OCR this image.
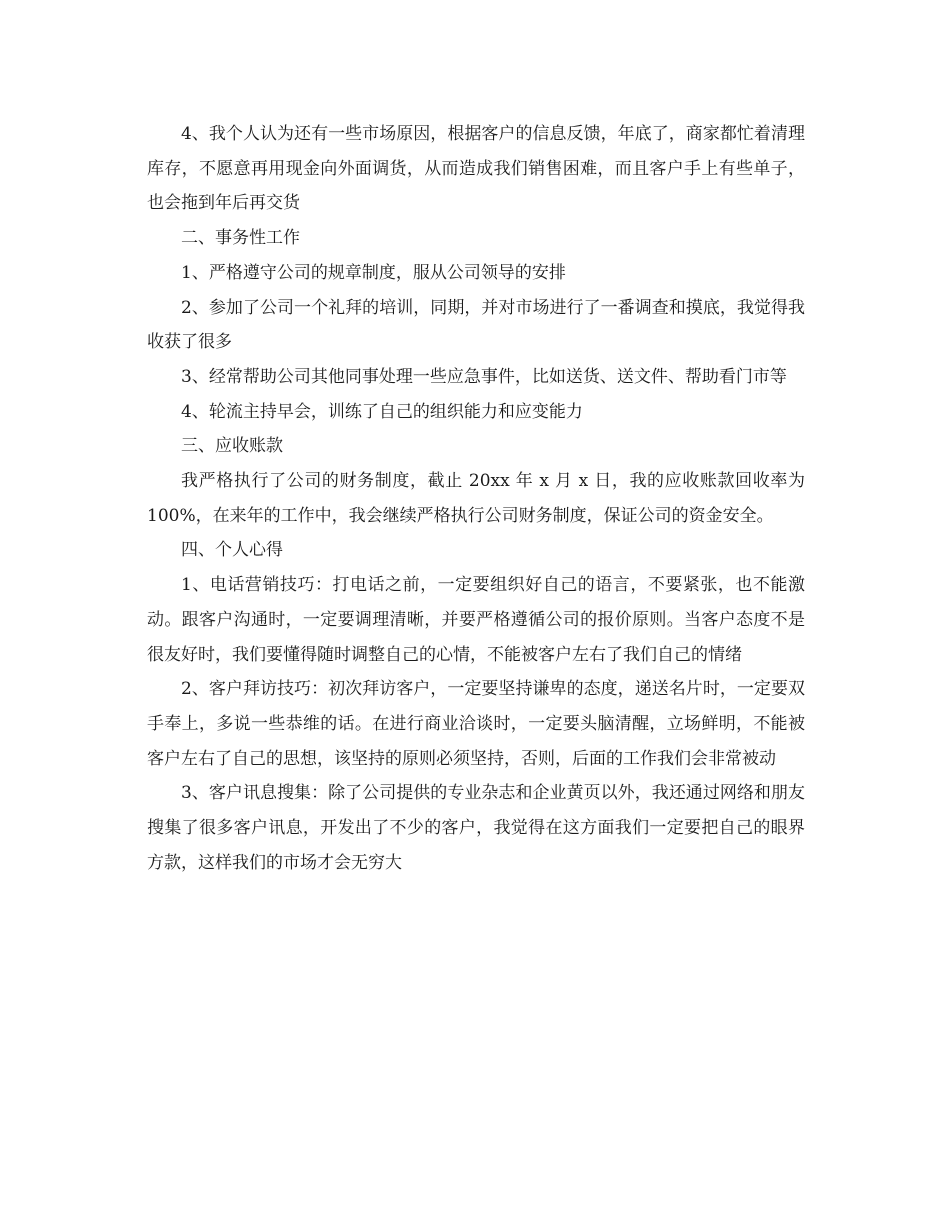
4、我个人认为还有一些市场原因，根据客户的信息反馈，年底了，商家都忙着清理库存，不愿意再用现金向外面调货，从而造成我们销售困难，而且客户手上有些单子，也会拖到年后再交货

二、事务性工作

1、严格遵守公司的规章制度，服从公司领导的安排

2、参加了公司一个礼拜的培训，同期，并对市场进行了一番调查和摸底，我觉得我收获了很多

3、经常帮助公司其他同事处理一些应急事件，比如送货、送文件、帮助看门市等

4、轮流主持早会，训练了自己的组织能力和应变能力

三、应收账款

我严格执行了公司的财务制度，截止 20xx 年 x 月 x 日，我的应收账款回收率为 100%，在来年的工作中，我会继续严格执行公司财务制度，保证公司的资金安全。

四、个人心得

1、电话营销技巧：打电话之前，一定要组织好自己的语言，不要紧张，也不能激动。跟客户沟通时，一定要调理清晰，并要严格遵循公司的报价原则。当客户态度不是很友好时，我们要懂得随时调整自己的心情，不能被客户左右了我们自己的情绪

2、客户拜访技巧：初次拜访客户，一定要坚持谦卑的态度，递送名片时，一定要双手奉上，多说一些恭维的话。在进行商业洽谈时，一定要头脑清醒，立场鲜明，不能被客户左右了自己的思想，该坚持的原则必须坚持，否则，后面的工作我们会非常被动

3、客户讯息搜集：除了公司提供的专业杂志和企业黄页以外，我还通过网络和朋友搜集了很多客户讯息，开发出了不少的客户，我觉得在这方面我们一定要把自己的眼界方款，这样我们的市场才会无穷大
